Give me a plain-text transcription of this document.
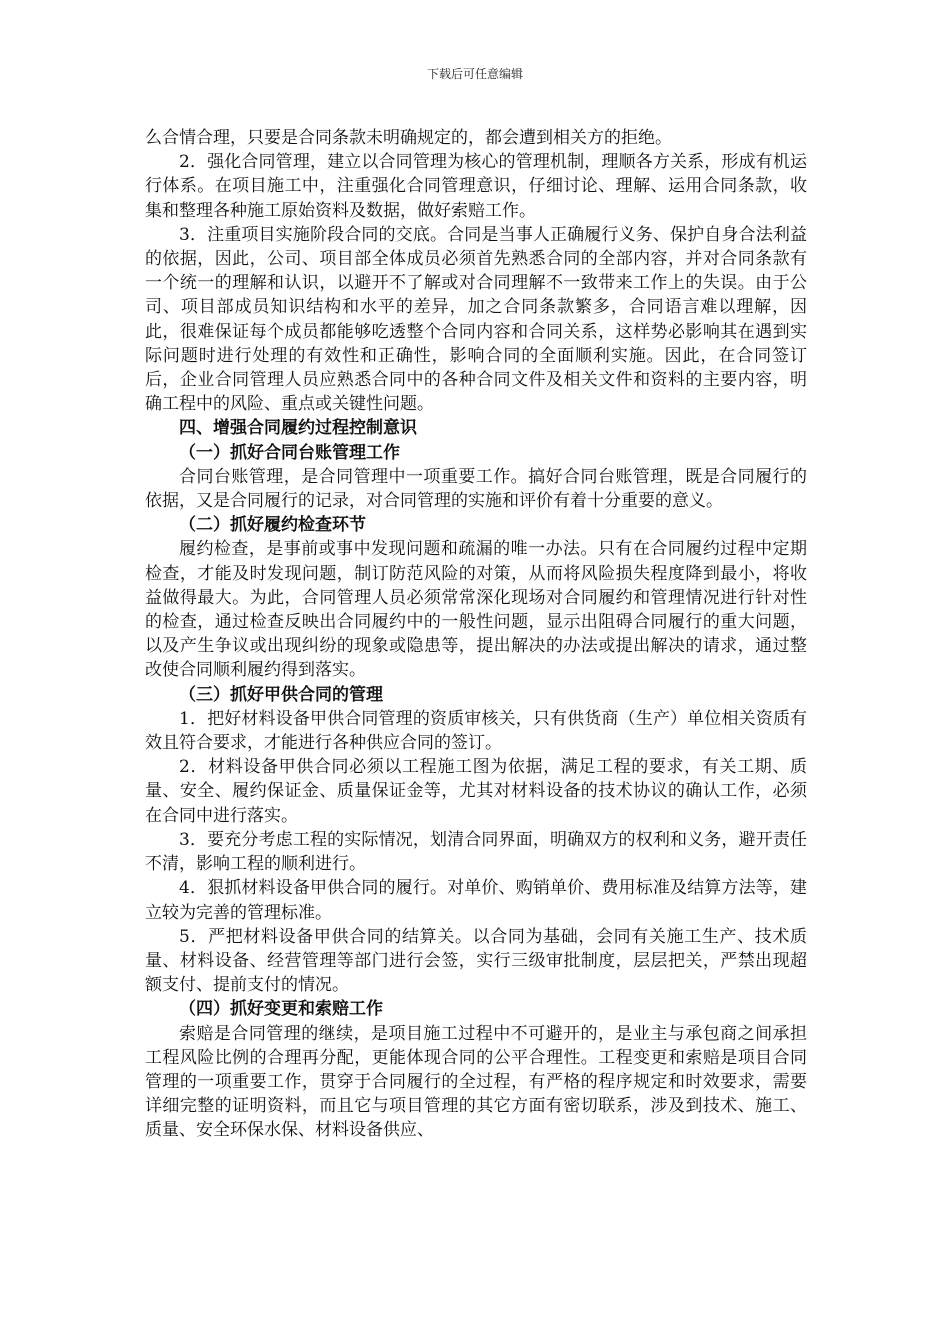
下载后可任意编辑

么合情合理，只要是合同条款未明确规定的，都会遭到相关方的拒绝。

2．强化合同管理，建立以合同管理为核心的管理机制，理顺各方关系，形成有机运行体系。在项目施工中，注重强化合同管理意识，仔细讨论、理解、运用合同条款，收集和整理各种施工原始资料及数据，做好索赔工作。

3．注重项目实施阶段合同的交底。合同是当事人正确履行义务、保护自身合法利益的依据，因此，公司、项目部全体成员必须首先熟悉合同的全部内容，并对合同条款有一个统一的理解和认识，以避开不了解或对合同理解不一致带来工作上的失误。由于公司、项目部成员知识结构和水平的差异，加之合同条款繁多，合同语言难以理解，因此，很难保证每个成员都能够吃透整个合同内容和合同关系，这样势必影响其在遇到实际问题时进行处理的有效性和正确性，影响合同的全面顺利实施。因此，在合同签订后，企业合同管理人员应熟悉合同中的各种合同文件及相关文件和资料的主要内容，明确工程中的风险、重点或关键性问题。

四、增强合同履约过程控制意识

（一）抓好合同台账管理工作

合同台账管理，是合同管理中一项重要工作。搞好合同台账管理，既是合同履行的依据，又是合同履行的记录，对合同管理的实施和评价有着十分重要的意义。

（二）抓好履约检查环节

履约检查，是事前或事中发现问题和疏漏的唯一办法。只有在合同履约过程中定期检查，才能及时发现问题，制订防范风险的对策，从而将风险损失程度降到最小，将收益做得最大。为此，合同管理人员必须常常深化现场对合同履约和管理情况进行针对性的检查，通过检查反映出合同履约中的一般性问题，显示出阻碍合同履行的重大问题，以及产生争议或出现纠纷的现象或隐患等，提出解决的办法或提出解决的请求，通过整改使合同顺利履约得到落实。

（三）抓好甲供合同的管理

1．把好材料设备甲供合同管理的资质审核关，只有供货商（生产）单位相关资质有效且符合要求，才能进行各种供应合同的签订。

2．材料设备甲供合同必须以工程施工图为依据，满足工程的要求，有关工期、质量、安全、履约保证金、质量保证金等，尤其对材料设备的技术协议的确认工作，必须在合同中进行落实。

3．要充分考虑工程的实际情况，划清合同界面，明确双方的权利和义务，避开责任不清，影响工程的顺利进行。

4．狠抓材料设备甲供合同的履行。对单价、购销单价、费用标准及结算方法等，建立较为完善的管理标准。

5．严把材料设备甲供合同的结算关。以合同为基础，会同有关施工生产、技术质量、材料设备、经营管理等部门进行会签，实行三级审批制度，层层把关，严禁出现超额支付、提前支付的情况。

（四）抓好变更和索赔工作

索赔是合同管理的继续，是项目施工过程中不可避开的，是业主与承包商之间承担工程风险比例的合理再分配，更能体现合同的公平合理性。工程变更和索赔是项目合同管理的一项重要工作，贯穿于合同履行的全过程，有严格的程序规定和时效要求，需要详细完整的证明资料，而且它与项目管理的其它方面有密切联系，涉及到技术、施工、质量、安全环保水保、材料设备供应、
